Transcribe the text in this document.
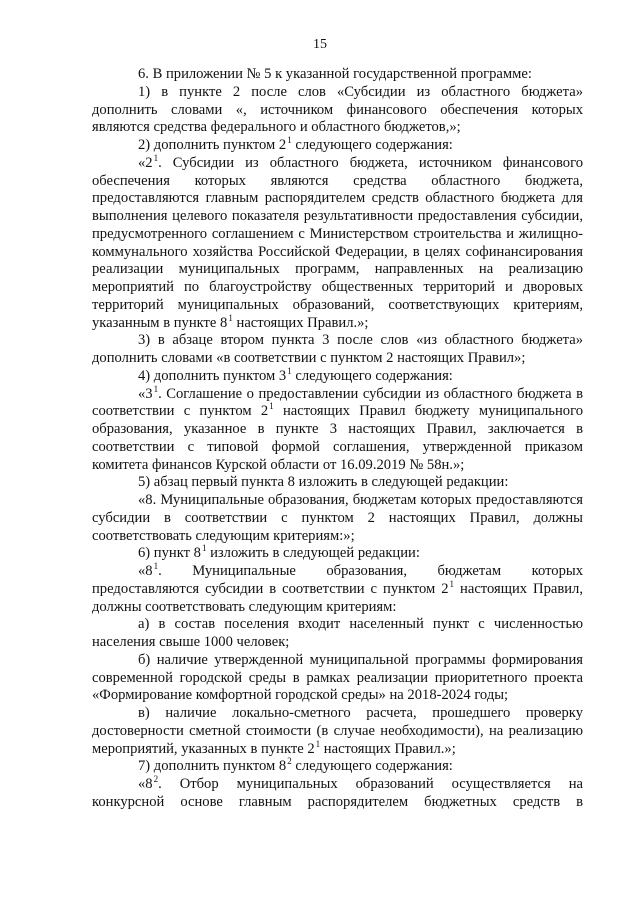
15

6. В приложении № 5 к указанной государственной программе:

1) в пункте 2 после слов «Субсидии из областного бюджета» дополнить словами «, источником финансового обеспечения которых являются средства федерального и областного бюджетов,»;

2) дополнить пунктом $2^1$ следующего содержания:

«$2^1$. Субсидии из областного бюджета, источником финансового обеспечения которых являются средства областного бюджета, предоставляются главным распорядителем средств областного бюджета для выполнения целевого показателя результативности предоставления субсидии, предусмотренного соглашением с Министерством строительства и жилищно-коммунального хозяйства Российской Федерации, в целях софинансирования реализации муниципальных программ, направленных на реализацию мероприятий по благоустройству общественных территорий и дворовых территорий муниципальных образований, соответствующих критериям, указанным в пункте $8^1$ настоящих Правил.»;

3) в абзаце втором пункта 3 после слов «из областного бюджета» дополнить словами «в соответствии с пунктом 2 настоящих Правил»;

4) дополнить пунктом $3^1$ следующего содержания:

«$3^1$. Соглашение о предоставлении субсидии из областного бюджета в соответствии с пунктом $2^1$ настоящих Правил бюджету муниципального образования, указанное в пункте 3 настоящих Правил, заключается в соответствии с типовой формой соглашения, утвержденной приказом комитета финансов Курской области от 16.09.2019 № 58н.»;

5) абзац первый пункта 8 изложить в следующей редакции:

«8. Муниципальные образования, бюджетам которых предоставляются субсидии в соответствии с пунктом 2 настоящих Правил, должны соответствовать следующим критериям:»;

6) пункт $8^1$ изложить в следующей редакции:

«$8^1$. Муниципальные образования, бюджетам которых предоставляются субсидии в соответствии с пунктом $2^1$ настоящих Правил, должны соответствовать следующим критериям:

а) в состав поселения входит населенный пункт с численностью населения свыше 1000 человек;

б) наличие утвержденной муниципальной программы формирования современной городской среды в рамках реализации приоритетного проекта «Формирование комфортной городской среды» на 2018-2024 годы;

в) наличие локально-сметного расчета, прошедшего проверку достоверности сметной стоимости (в случае необходимости), на реализацию мероприятий, указанных в пункте $2^1$ настоящих Правил.»;

7) дополнить пунктом $8^2$ следующего содержания:

«$8^2$. Отбор муниципальных образований осуществляется на конкурсной основе главным распорядителем бюджетных средств в
